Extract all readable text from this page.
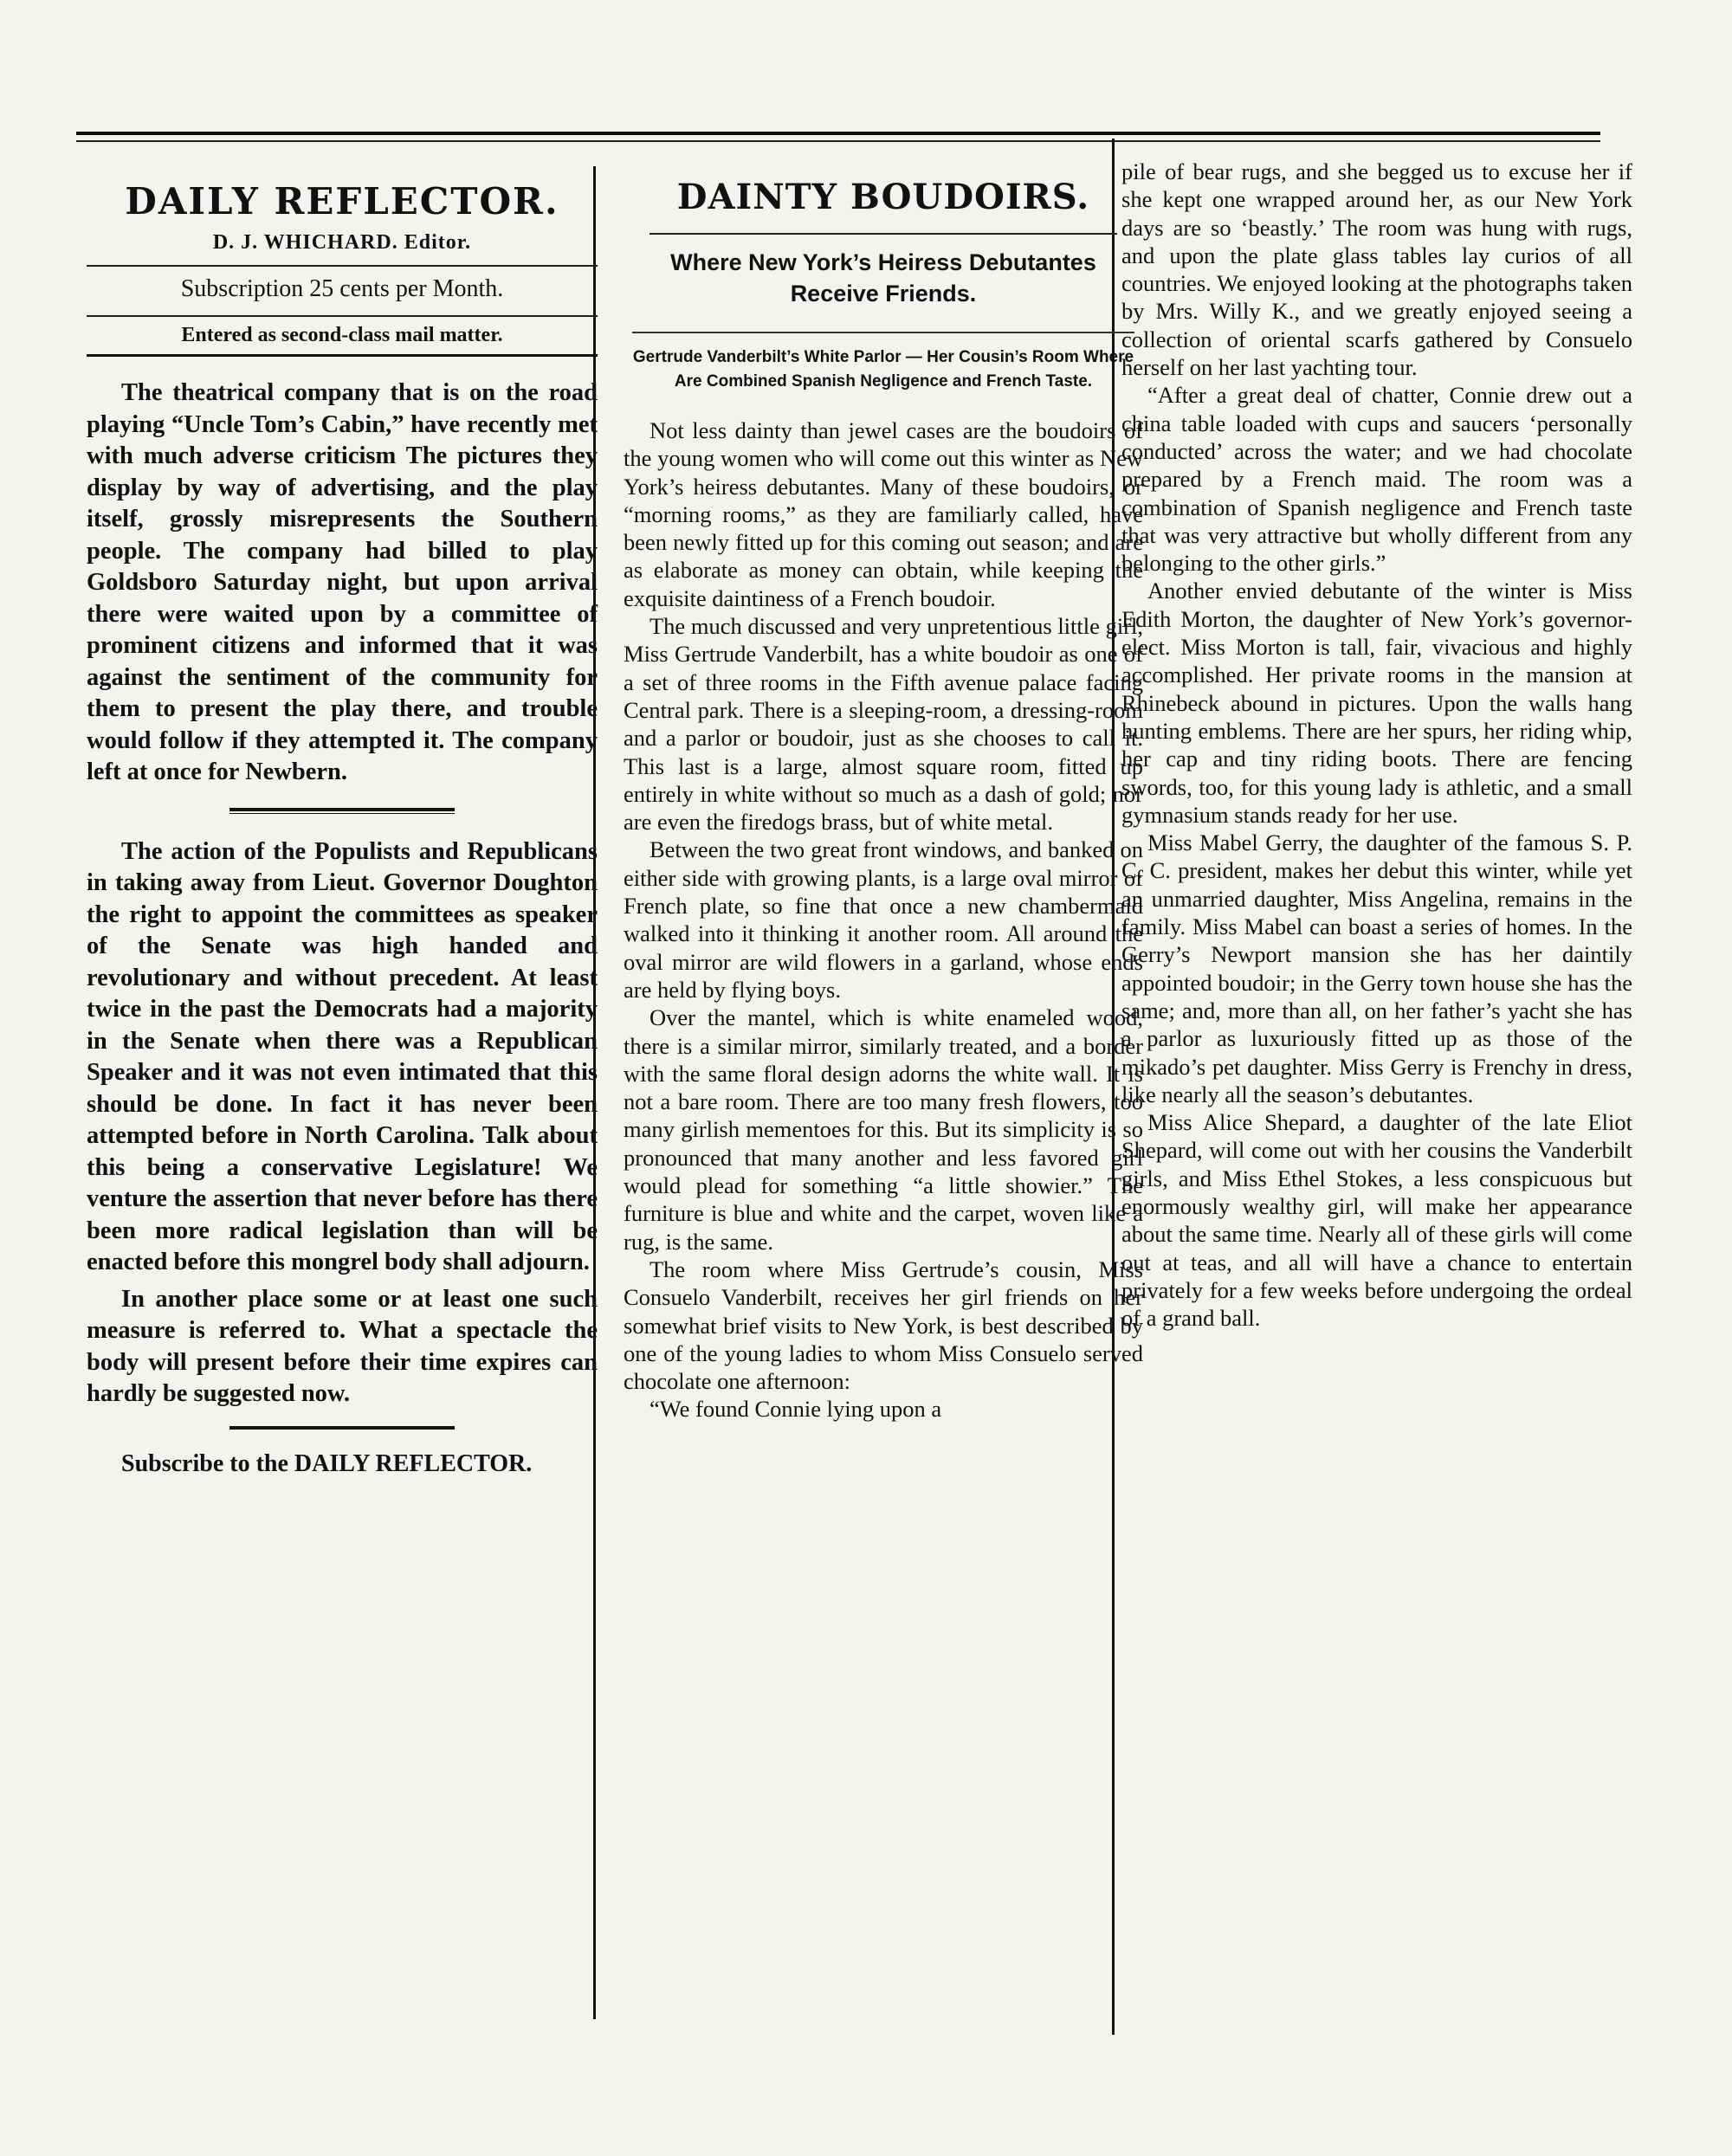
DAILY REFLECTOR.
D. J. WHICHARD. Editor.
Subscription 25 cents per Month.
Entered as second-class mail matter.

The theatrical company that is on the road playing “Uncle Tom’s Cabin,” have recently met with much adverse criticism The pictures they display by way of advertising, and the play itself, grossly misrepresents the Southern people. The company had billed to play Goldsboro Saturday night, but upon arrival there were waited upon by a committee of prominent citizens and informed that it was against the sentiment of the community for them to present the play there, and trouble would follow if they attempted it. The company left at once for Newbern.

The action of the Populists and Republicans in taking away from Lieut. Governor Doughton the right to appoint the committees as speaker of the Senate was high handed and revolutionary and without precedent. At least twice in the past the Democrats had a majority in the Senate when there was a Republican Speaker and it was not even intimated that this should be done. In fact it has never been attempted before in North Carolina. Talk about this being a conservative Legislature! We venture the assertion that never before has there been more radical legislation than will be enacted before this mongrel body shall adjourn.

In another place some or at least one such measure is referred to. What a spectacle the body will present before their time expires can hardly be suggested now.

Subscribe to the DAILY REFLECTOR.

DAINTY BOUDOIRS.
Where New York’s Heiress Debutantes Receive Friends.
Gertrude Vanderbilt’s White Parlor — Her Cousin’s Room Where Are Combined Spanish Negligence and French Taste.

Not less dainty than jewel cases are the boudoirs of the young women who will come out this winter as New York’s heiress debutantes. Many of these boudoirs, or “morning rooms,” as they are familiarly called, have been newly fitted up for this coming out season; and are as elaborate as money can obtain, while keeping the exquisite daintiness of a French boudoir.

The much discussed and very unpretentious little girl, Miss Gertrude Vanderbilt, has a white boudoir as one of a set of three rooms in the Fifth avenue palace facing Central park. There is a sleeping-room, a dressing-room and a parlor or boudoir, just as she chooses to call it. This last is a large, almost square room, fitted up entirely in white without so much as a dash of gold; nor are even the firedogs brass, but of white metal.

Between the two great front windows, and banked on either side with growing plants, is a large oval mirror of French plate, so fine that once a new chambermaid walked into it thinking it another room. All around the oval mirror are wild flowers in a garland, whose ends are held by flying boys.

Over the mantel, which is white enameled wood, there is a similar mirror, similarly treated, and a border with the same floral design adorns the white wall. It is not a bare room. There are too many fresh flowers, too many girlish mementoes for this. But its simplicity is so pronounced that many another and less favored girl would plead for something “a little showier.” The furniture is blue and white and the carpet, woven like a rug, is the same.

The room where Miss Gertrude’s cousin, Miss Consuelo Vanderbilt, receives her girl friends on her somewhat brief visits to New York, is best described by one of the young ladies to whom Miss Consuelo served chocolate one afternoon:

“We found Connie lying upon a

pile of bear rugs, and she begged us to excuse her if she kept one wrapped around her, as our New York days are so ‘beastly.’ The room was hung with rugs, and upon the plate glass tables lay curios of all countries. We enjoyed looking at the photographs taken by Mrs. Willy K., and we greatly enjoyed seeing a collection of oriental scarfs gathered by Consuelo herself on her last yachting tour.

“After a great deal of chatter, Connie drew out a china table loaded with cups and saucers ‘personally conducted’ across the water; and we had chocolate prepared by a French maid. The room was a combination of Spanish negligence and French taste that was very attractive but wholly different from any belonging to the other girls.”

Another envied debutante of the winter is Miss Edith Morton, the daughter of New York’s governor-elect. Miss Morton is tall, fair, vivacious and highly accomplished. Her private rooms in the mansion at Rhinebeck abound in pictures. Upon the walls hang hunting emblems. There are her spurs, her riding whip, her cap and tiny riding boots. There are fencing swords, too, for this young lady is athletic, and a small gymnasium stands ready for her use.

Miss Mabel Gerry, the daughter of the famous S. P. C. C. president, makes her debut this winter, while yet an unmarried daughter, Miss Angelina, remains in the family. Miss Mabel can boast a series of homes. In the Gerry’s Newport mansion she has her daintily appointed boudoir; in the Gerry town house she has the same; and, more than all, on her father’s yacht she has a parlor as luxuriously fitted up as those of the mikado’s pet daughter. Miss Gerry is Frenchy in dress, like nearly all the season’s debutantes.

Miss Alice Shepard, a daughter of the late Eliot Shepard, will come out with her cousins the Vanderbilt girls, and Miss Ethel Stokes, a less conspicuous but enormously wealthy girl, will make her appearance about the same time. Nearly all of these girls will come out at teas, and all will have a chance to entertain privately for a few weeks before undergoing the ordeal of a grand ball.
